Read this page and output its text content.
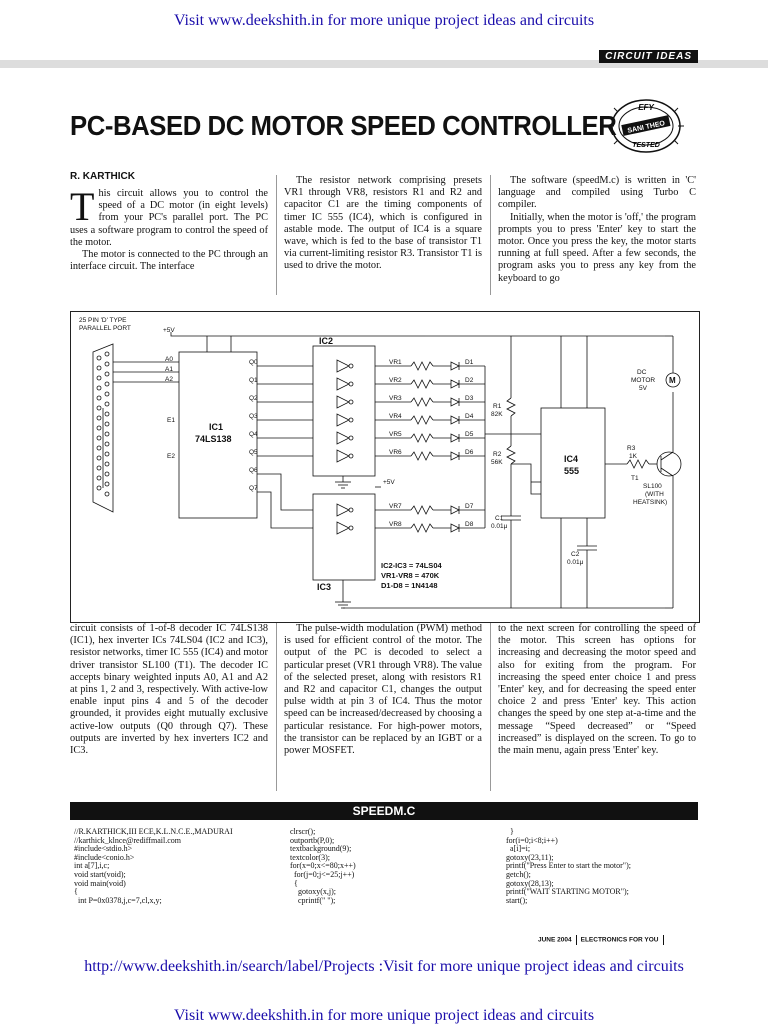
Visit www.deekshith.in for more unique project ideas and circuits
CIRCUIT IDEAS
PC-BASED DC MOTOR SPEED CONTROLLER
EFY
SANI THEO
TESTED
R. KARTHICK

This circuit allows you to control the speed of a DC motor (in eight levels) from your PC's parallel port. The PC uses a software program to control the speed of the motor.

The motor is connected to the PC through an interface circuit. The interface

The resistor network comprising presets VR1 through VR8, resistors R1 and R2 and capacitor C1 are the timing components of timer IC 555 (IC4), which is configured in astable mode. The output of IC4 is a square wave, which is fed to the base of transistor T1 via current-limiting resistor R3. Transistor T1 is used to drive the motor.

The software (speedM.c) is written in 'C' language and compiled using Turbo C compiler.

Initially, when the motor is 'off,' the program prompts you to press 'Enter' key to start the motor. Once you press the key, the motor starts running at full speed. After a few seconds, the program asks you to press any key from the keyboard to go

25 PIN 'D' TYPE
PARALLEL PORT	+5V
IC1
74LS138
A0
A1
A2
E1
E2
Q0
Q1
Q2
Q3
Q4
Q5
Q6
Q7
IC2
IC3
+5V
VR1
VR2
VR3
VR4
VR5
VR6
VR7
VR8
D1
D2
D3
D4
D5
D6
D7
D8
R1
82K
R2
56K
C1
0.01μ
IC4
555
C2
0.01μ
R3
1K
T1
SL100
(WITH
HEATSINK)
M
DC
MOTOR
5V
IC2-IC3 = 74LS04
VR1-VR8 = 470K
D1-D8 = 1N4148

circuit consists of 1-of-8 decoder IC 74LS138 (IC1), hex inverter ICs 74LS04 (IC2 and IC3), resistor networks, timer IC 555 (IC4) and motor driver transistor SL100 (T1). The decoder IC accepts binary weighted inputs A0, A1 and A2 at pins 1, 2 and 3, respectively. With active-low enable input pins 4 and 5 of the decoder grounded, it provides eight mutually exclusive active-low outputs (Q0 through Q7). These outputs are inverted by hex inverters IC2 and IC3.

The pulse-width modulation (PWM) method is used for efficient control of the motor. The output of the PC is decoded to select a particular preset (VR1 through VR8). The value of the selected preset, along with resistors R1 and R2 and capacitor C1, changes the output pulse width at pin 3 of IC4. Thus the motor speed can be increased/decreased by choosing a particular resistance. For high-power motors, the transistor can be replaced by an IGBT or a power MOSFET.

to the next screen for controlling the speed of the motor. This screen has options for increasing and decreasing the motor speed and also for exiting from the program. For increasing the speed enter choice 1 and press 'Enter' key, and for decreasing the speed enter choice 2 and press 'Enter' key. This action changes the speed by one step at-a-time and the message “Speed decreased” or “Speed increased” is displayed on the screen. To go to the main menu, again press 'Enter' key.

SPEEDM.C
//R.KARTHICK,III ECE,K.L.N.C.E.,MADURAI
//karthick_klnce@rediffmail.com
#include<stdio.h>
#include<conio.h>
int a[7],i,c;
void start(void);
void main(void)
{
int P=0x0378,j,c=7,cl,x,y;
clrscr();
outportb(P,0);
textbackground(9);
textcolor(3);
for(x=0;x<=80;x++)
for(j=0;j<=25;j++)
{
gotoxy(x,j);
cprintf(" ");
}
for(i=0;i<8;i++)
a[i]=i;
gotoxy(23,11);
printf("Press Enter to start the motor");
getch();
gotoxy(28,13);
printf("WAIT STARTING MOTOR");
start();
JUNE 2004 ELECTRONICS FOR YOU
http://www.deekshith.in/search/label/Projects :Visit for more unique project ideas and circuits
Visit www.deekshith.in for more unique project ideas and circuits
